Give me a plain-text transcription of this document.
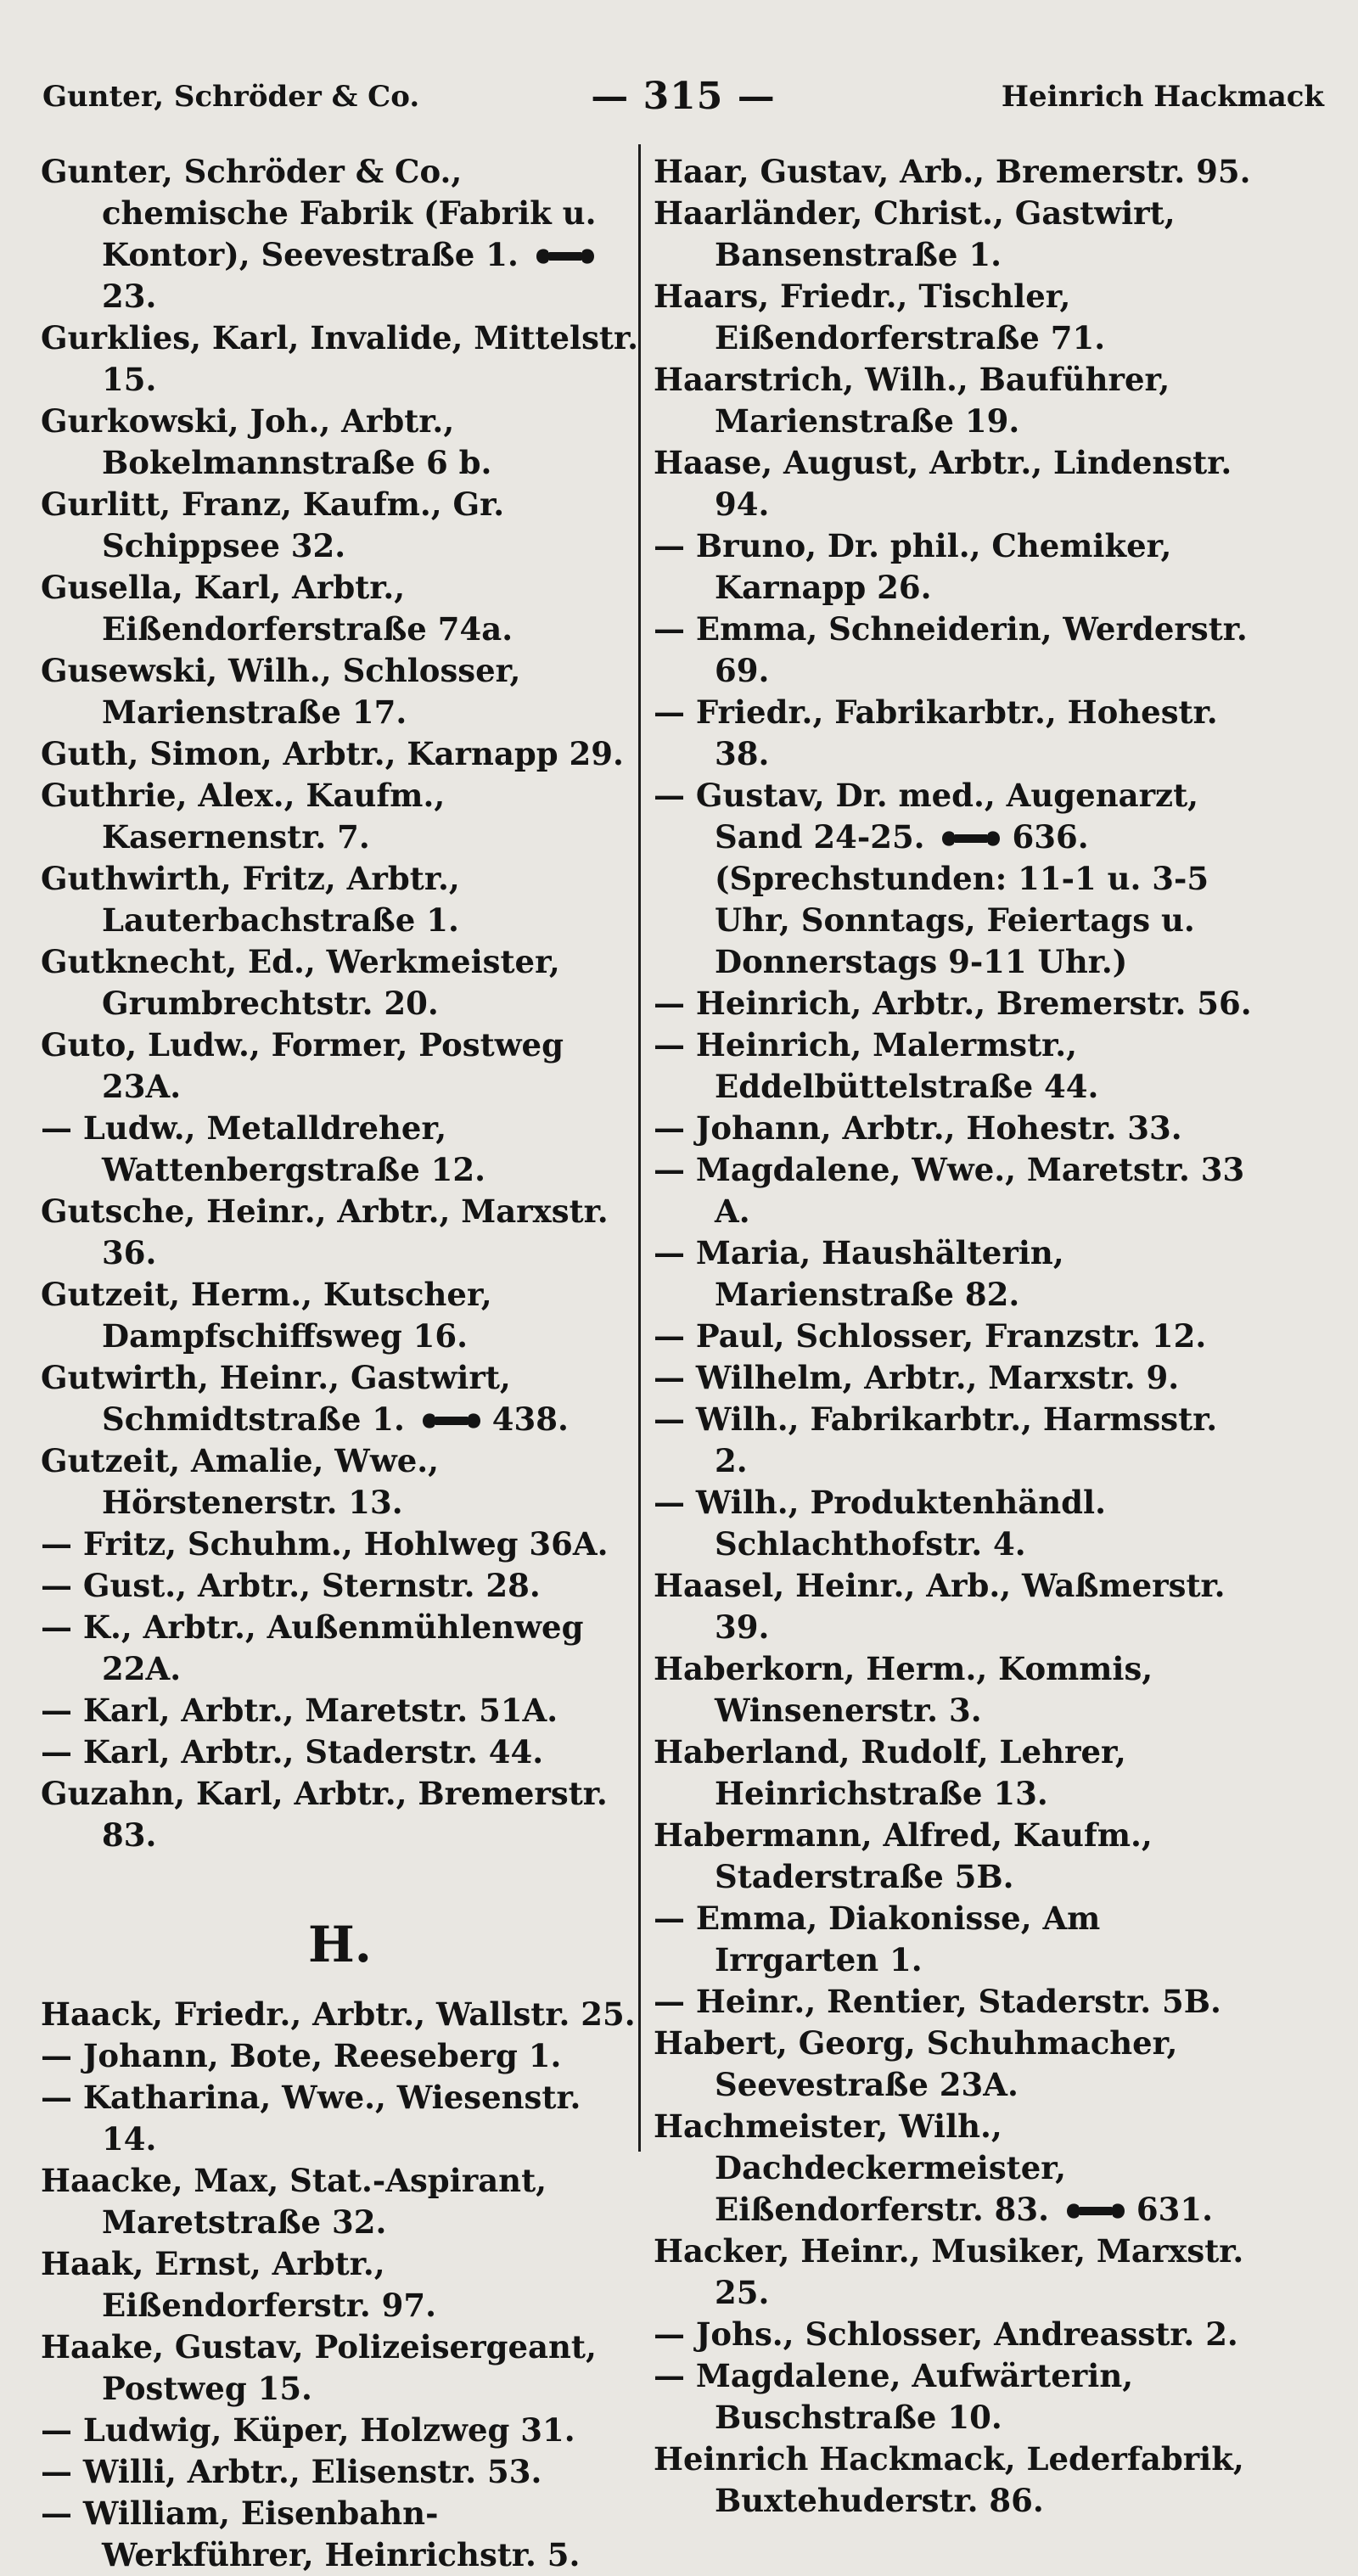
Gunter, Schröder & Co.	— 315 —	Heinrich Hackmack

Gunter, Schröder & Co., chemische Fabrik (Fabrik u. Kontor), Seevestraße 1. 23.

Gurklies, Karl, Invalide, Mittelstr. 15.

Gurkowski, Joh., Arbtr., Bokelmannstraße 6 b.

Gurlitt, Franz, Kaufm., Gr. Schippsee 32.

Gusella, Karl, Arbtr., Eißendorferstraße 74a.

Gusewski, Wilh., Schlosser, Marienstraße 17.

Guth, Simon, Arbtr., Karnapp 29.

Guthrie, Alex., Kaufm., Kasernenstr. 7.

Guthwirth, Fritz, Arbtr., Lauterbachstraße 1.

Gutknecht, Ed., Werkmeister, Grumbrechtstr. 20.

Guto, Ludw., Former, Postweg 23A.

— Ludw., Metalldreher, Wattenbergstraße 12.

Gutsche, Heinr., Arbtr., Marxstr. 36.

Gutzeit, Herm., Kutscher, Dampfschiffsweg 16.

Gutwirth, Heinr., Gastwirt, Schmidtstraße 1.	438.

Gutzeit, Amalie, Wwe., Hörstenerstr. 13.

— Fritz, Schuhm., Hohlweg 36A.

— Gust., Arbtr., Sternstr. 28.

— K., Arbtr., Außenmühlenweg 22A.

— Karl, Arbtr., Maretstr. 51A.

— Karl, Arbtr., Staderstr. 44.

Guzahn, Karl, Arbtr., Bremerstr. 83.

H.

Haack, Friedr., Arbtr., Wallstr. 25.

— Johann, Bote, Reeseberg 1.

— Katharina, Wwe., Wiesenstr. 14.

Haacke, Max, Stat.-Aspirant, Maretstraße 32.

Haak, Ernst, Arbtr., Eißendorferstr. 97.

Haake, Gustav, Polizeisergeant, Postweg 15.

— Ludwig, Küper, Holzweg 31.

— Willi, Arbtr., Elisenstr. 53.

— William, Eisenbahn-Werkführer, Heinrichstr. 5.

Haar, Gustav, Arb., Bremerstr. 95.

Haarländer, Christ., Gastwirt, Bansenstraße 1.

Haars, Friedr., Tischler, Eißendorferstraße 71.

Haarstrich, Wilh., Bauführer, Marienstraße 19.

Haase, August, Arbtr., Lindenstr. 94.

— Bruno, Dr. phil., Chemiker, Karnapp 26.

— Emma, Schneiderin, Werderstr. 69.

— Friedr., Fabrikarbtr., Hohestr. 38.

— Gustav, Dr. med., Augenarzt, Sand 24-25.	636. (Sprechstunden: 11-1 u. 3-5 Uhr, Sonntags, Feiertags u. Donnerstags 9-11 Uhr.)

— Heinrich, Arbtr., Bremerstr. 56.

— Heinrich, Malermstr., Eddelbüttelstraße 44.

— Johann, Arbtr., Hohestr. 33.

— Magdalene, Wwe., Maretstr. 33 A.

— Maria, Haushälterin, Marienstraße 82.

— Paul, Schlosser, Franzstr. 12.

— Wilhelm, Arbtr., Marxstr. 9.

— Wilh., Fabrikarbtr., Harmsstr. 2.

— Wilh., Produktenhändl. Schlachthofstr. 4.

Haasel, Heinr., Arb., Waßmerstr. 39.

Haberkorn, Herm., Kommis, Winsenerstr. 3.

Haberland, Rudolf, Lehrer, Heinrichstraße 13.

Habermann, Alfred, Kaufm., Staderstraße 5B.

— Emma, Diakonisse, Am Irrgarten 1.

— Heinr., Rentier, Staderstr. 5B.

Habert, Georg, Schuhmacher, Seevestraße 23A.

Hachmeister, Wilh., Dachdeckermeister, Eißendorferstr. 83.	631.

Hacker, Heinr., Musiker, Marxstr. 25.

— Johs., Schlosser, Andreasstr. 2.

— Magdalene, Aufwärterin, Buschstraße 10.

Heinrich Hackmack, Lederfabrik, Buxtehuderstr. 86.
